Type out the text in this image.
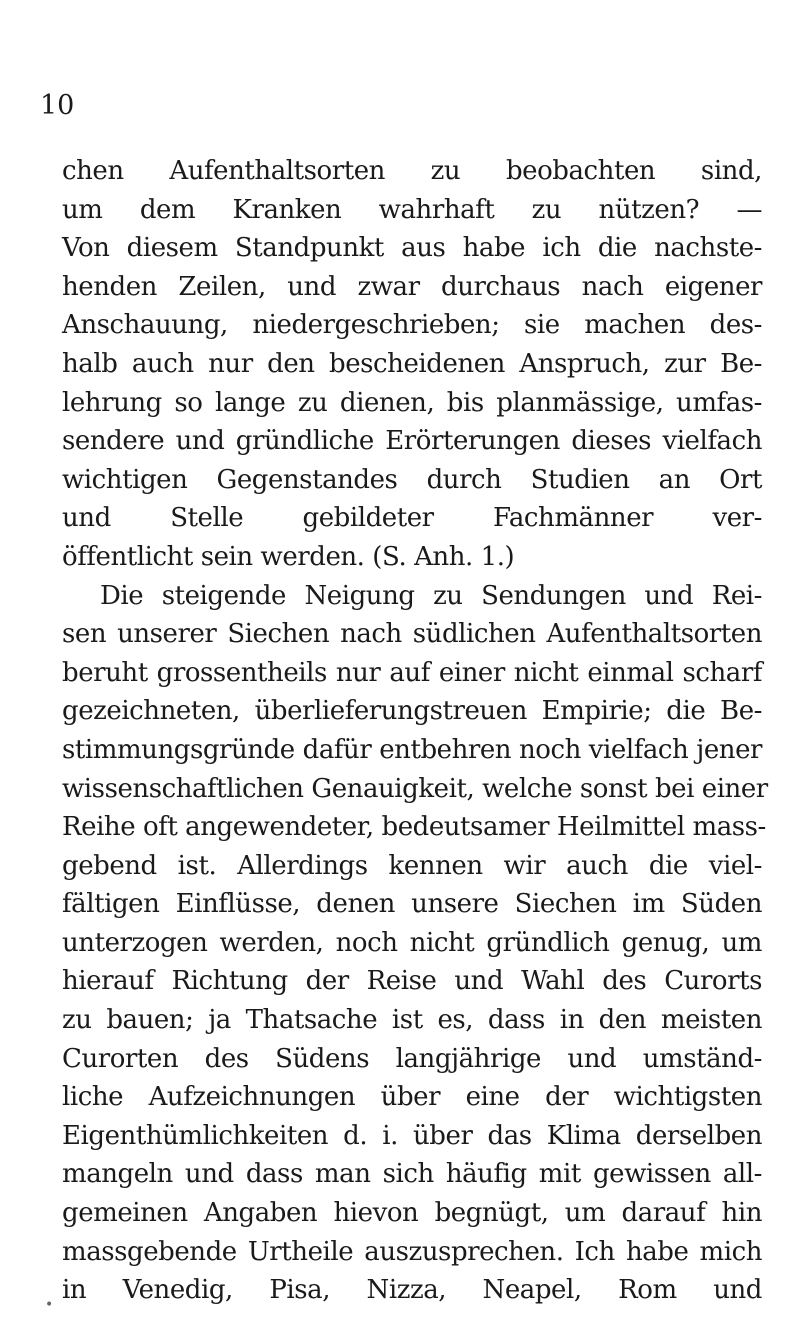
10
chen Aufenthaltsorten zu beobachten sind,
um dem Kranken wahrhaft zu nützen? —
Von diesem Standpunkt aus habe ich die nachste-
henden Zeilen, und zwar durchaus nach eigener
Anschauung, niedergeschrieben; sie machen des-
halb auch nur den bescheidenen Anspruch, zur Be-
lehrung so lange zu dienen, bis planmässige, umfas-
sendere und gründliche Erörterungen dieses vielfach
wichtigen Gegenstandes durch Studien an Ort
und Stelle gebildeter Fachmänner ver-
öffentlicht sein werden. (S. Anh. 1.)
Die steigende Neigung zu Sendungen und Rei-
sen unserer Siechen nach südlichen Aufenthaltsorten
beruht grossentheils nur auf einer nicht einmal scharf
gezeichneten, überlieferungstreuen Empirie; die Be-
stimmungsgründe dafür entbehren noch vielfach jener
wissenschaftlichen Genauigkeit, welche sonst bei einer
Reihe oft angewendeter, bedeutsamer Heilmittel mass-
gebend ist. Allerdings kennen wir auch die viel-
fältigen Einflüsse, denen unsere Siechen im Süden
unterzogen werden, noch nicht gründlich genug, um
hierauf Richtung der Reise und Wahl des Curorts
zu bauen; ja Thatsache ist es, dass in den meisten
Curorten des Südens langjährige und umständ-
liche Aufzeichnungen über eine der wichtigsten
Eigenthümlichkeiten d. i. über das Klima derselben
mangeln und dass man sich häufig mit gewissen all-
gemeinen Angaben hievon begnügt, um darauf hin
massgebende Urtheile auszusprechen. Ich habe mich
in Venedig, Pisa, Nizza, Neapel, Rom und
•
